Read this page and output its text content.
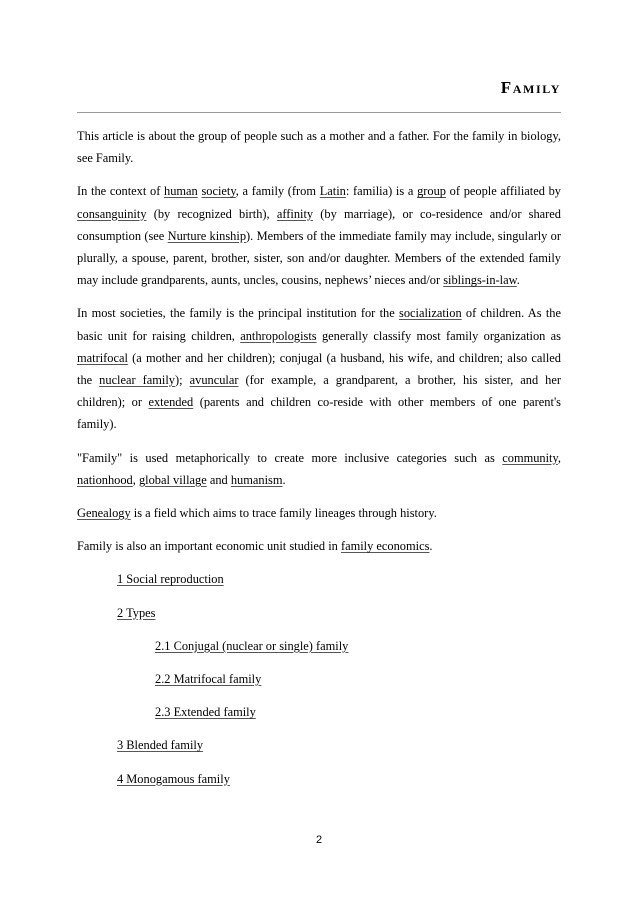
Family

This article is about the group of people such as a mother and a father. For the family in biology, see Family.

In the context of human society, a family (from Latin: familia) is a group of people affiliated by consanguinity (by recognized birth), affinity (by marriage), or co-residence and/or shared consumption (see Nurture kinship). Members of the immediate family may include, singularly or plurally, a spouse, parent, brother, sister, son and/or daughter. Members of the extended family may include grandparents, aunts, uncles, cousins, nephews’ nieces and/or siblings-in-law.

In most societies, the family is the principal institution for the socialization of children. As the basic unit for raising children, anthropologists generally classify most family organization as matrifocal (a mother and her children); conjugal (a husband, his wife, and children; also called the nuclear family); avuncular (for example, a grandparent, a brother, his sister, and her children); or extended (parents and children co-reside with other members of one parent's family).

"Family" is used metaphorically to create more inclusive categories such as community, nationhood, global village and humanism.

Genealogy is a field which aims to trace family lineages through history.

Family is also an important economic unit studied in family economics.

1 Social reproduction
2 Types
2.1 Conjugal (nuclear or single) family
2.2 Matrifocal family
2.3 Extended family
3 Blended family
4 Monogamous family
2
